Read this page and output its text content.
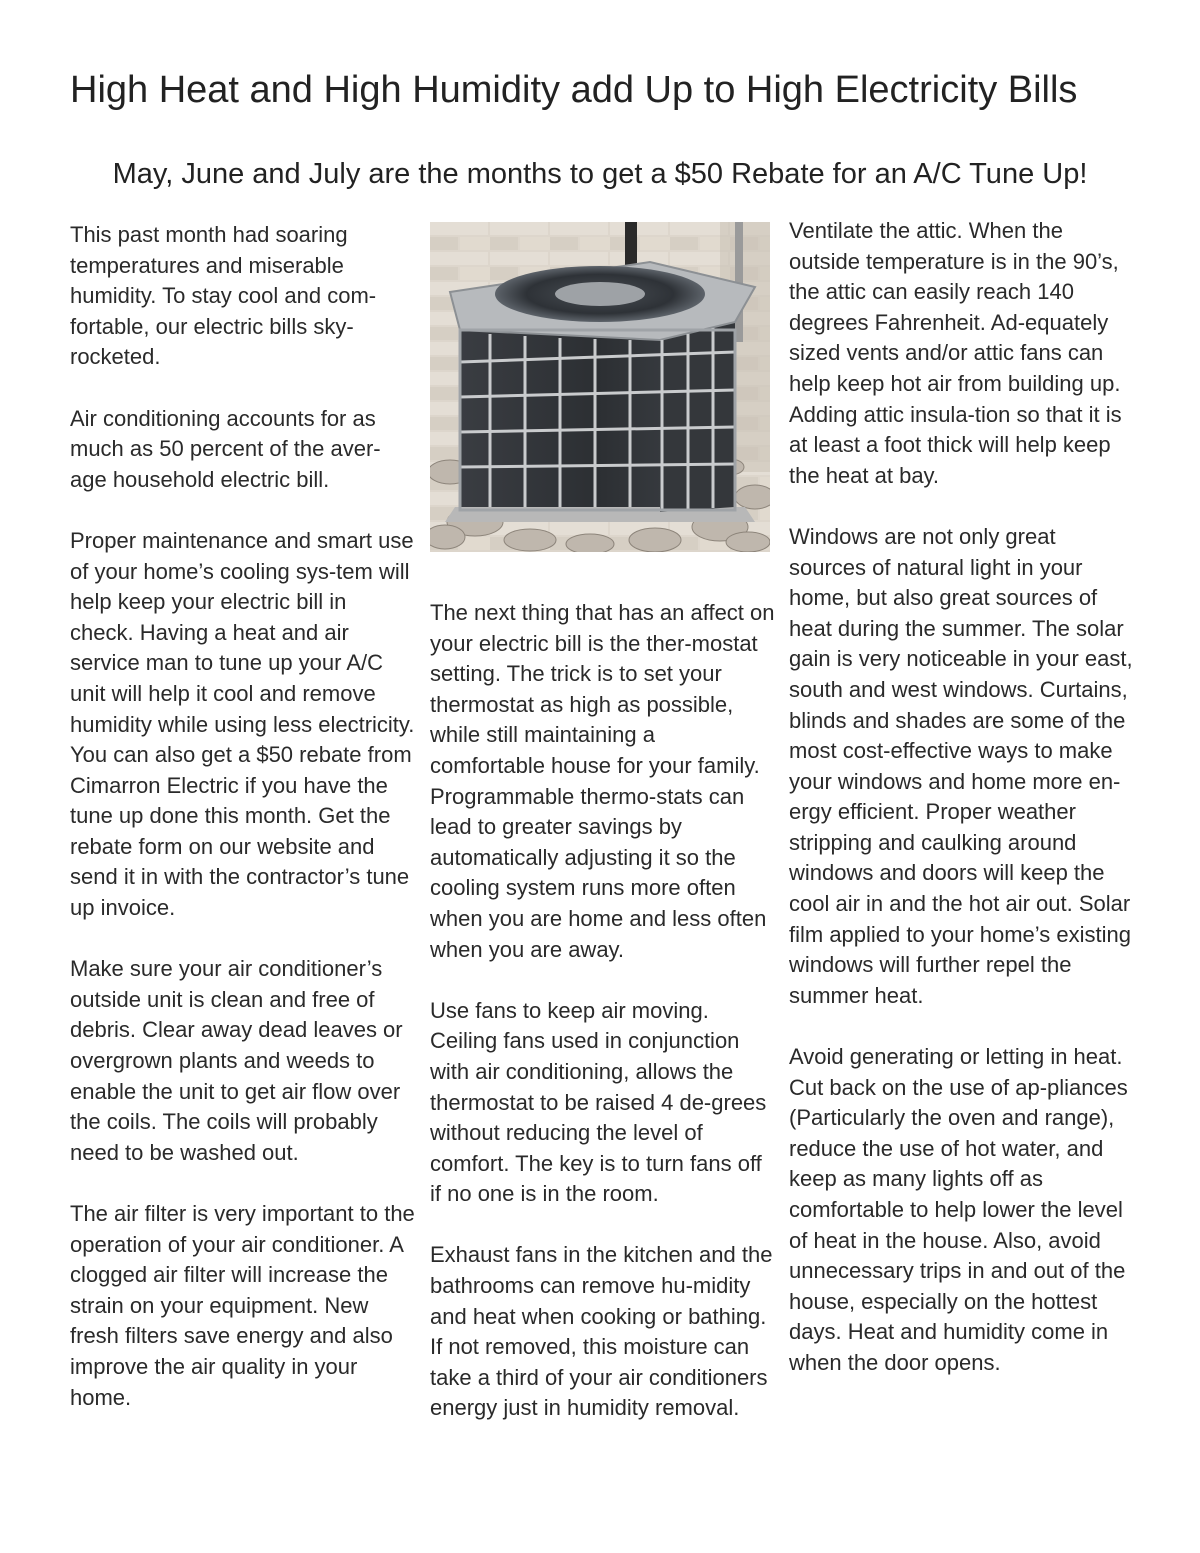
High Heat and High Humidity add Up to High Electricity Bills
May, June and July are the months to get a $50 Rebate for an A/C Tune Up!

This past month had soaring temperatures and miserable humidity. To stay cool and com-fortable, our electric bills sky-rocketed.

Air conditioning accounts for as much as 50 percent of the aver-age household electric bill.

Proper maintenance and smart use of your home’s cooling sys-tem will help keep your electric bill in check. Having a heat and air service man to tune up your A/C unit will help it cool and remove humidity while using less electricity. You can also get a $50 rebate from Cimarron Electric if you have the tune up done this month. Get the rebate form on our website and send it in with the contractor’s tune up invoice.

Make sure your air conditioner’s outside unit is clean and free of debris. Clear away dead leaves or overgrown plants and weeds to enable the unit to get air flow over the coils. The coils will probably need to be washed out.

The air filter is very important to the operation of your air conditioner. A clogged air filter will increase the strain on your equipment. New fresh filters save energy and also improve the air quality in your home.

The next thing that has an affect on your electric bill is the ther-mostat setting. The trick is to set your thermostat as high as possible, while still maintaining a comfortable house for your family. Programmable thermo-stats can lead to greater savings by automatically adjusting it so the cooling system runs more often when you are home and less often when you are away.

Use fans to keep air moving. Ceiling fans used in conjunction with air conditioning, allows the thermostat to be raised 4 de-grees without reducing the level of comfort. The key is to turn fans off if no one is in the room.

Exhaust fans in the kitchen and the bathrooms can remove hu-midity and heat when cooking or bathing. If not removed, this moisture can take a third of your air conditioners energy just in humidity removal.

Ventilate the attic. When the outside temperature is in the 90’s, the attic can easily reach 140 degrees Fahrenheit. Ad-equately sized vents and/or attic fans can help keep hot air from building up. Adding attic insula-tion so that it is at least a foot thick will help keep the heat at bay.

Windows are not only great sources of natural light in your home, but also great sources of heat during the summer. The solar gain is very noticeable in your east, south and west windows. Curtains, blinds and shades are some of the most cost-effective ways to make your windows and home more en-ergy efficient. Proper weather stripping and caulking around windows and doors will keep the cool air in and the hot air out. Solar film applied to your home’s existing windows will further repel the summer heat.

Avoid generating or letting in heat. Cut back on the use of ap-pliances (Particularly the oven and range), reduce the use of hot water, and keep as many lights off as comfortable to help lower the level of heat in the house. Also, avoid unnecessary trips in and out of the house, especially on the hottest days. Heat and humidity come in when the door opens.
